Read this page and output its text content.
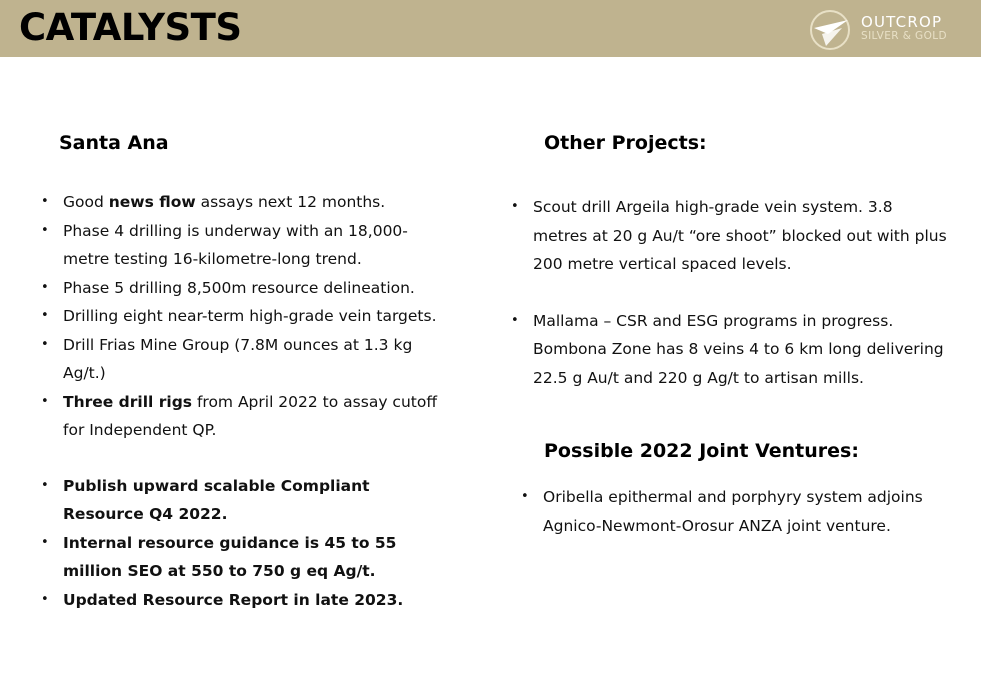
CATALYSTS	OUTCROP
SILVER & GOLD
Santa Ana
• Good news flow assays next 12 months.
• Phase 4 drilling is underway with an 18,000-metre testing 16-kilometre-long trend.
• Phase 5 drilling 8,500m resource delineation.
• Drilling eight near-term high-grade vein targets.
• Drill Frias Mine Group (7.8M ounces at 1.3 kg Ag/t.)
• Three drill rigs from April 2022 to assay cutoff for Independent QP.
• Publish upward scalable Compliant Resource Q4 2022.
• Internal resource guidance is 45 to 55 million SEO at 550 to 750 g eq Ag/t.
• Updated Resource Report in late 2023.
Other Projects:
• Scout drill Argeila high-grade vein system. 3.8 metres at 20 g Au/t “ore shoot” blocked out with plus 200 metre vertical spaced levels.
• Mallama – CSR and ESG programs in progress. Bombona Zone has 8 veins 4 to 6 km long delivering 22.5 g Au/t and 220 g Ag/t to artisan mills.
Possible 2022 Joint Ventures:
• Oribella epithermal and porphyry system adjoins Agnico-Newmont-Orosur ANZA joint venture.
